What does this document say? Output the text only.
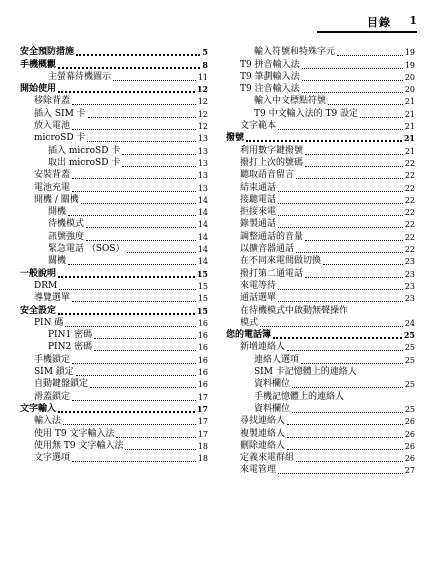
目錄 1
安全預防措施	5
手機概觀	8
主螢幕待機圖示	11
開始使用	12
移除背蓋	12
插入 SIM 卡	12
放入電池	12
microSD 卡	13
插入 microSD 卡	13
取出 microSD 卡	13
安裝背蓋	13
電池充電	13
開機 / 關機	14
開機	14
待機模式	14
訊號強度	14
緊急電話 （SOS）	14
關機	14
一般說明	15
DRM	15
導覽選單	15
安全設定	15
PIN 碼	16
PIN1 密碼	16
PIN2 密碼	16
手機鎖定	16
SIM 鎖定	16
自動鍵盤鎖定	16
滑蓋鎖定	17
文字輸入	17
輸入法	17
使用 T9 文字輸入法	17
使用無 T9 文字輸入法	18
文字選項	18
輸入符號和特殊字元	19
T9 拼音輸入法	19
T9 筆劃輸入法	20
T9 注音輸入法	20
輸入中文標點符號	21
T9 中文輸入法的 T9 設定	21
文字範本	21
撥號	21
利用數字鍵撥號	21
撥打上次的號碼	22
聽取語音留言	22
結束通話	22
接聽電話	22
拒接來電	22
錄製通話	22
調整通話的音量	22
以擴音器通話	22
在不同來電間做切換	23
撥打第二通電話	23
來電等待	23
通話選單	23
在待機模式中啟動無聲操作
模式	24
您的電話簿	25
新增連絡人	25
連絡人選項	25
SIM 卡記憶體上的連絡人
資料欄位	25
手機記憶體上的連絡人
資料欄位	25
尋找連絡人	26
複製連絡人	26
刪除連絡人	26
定義來電群組	26
來電管理	27
